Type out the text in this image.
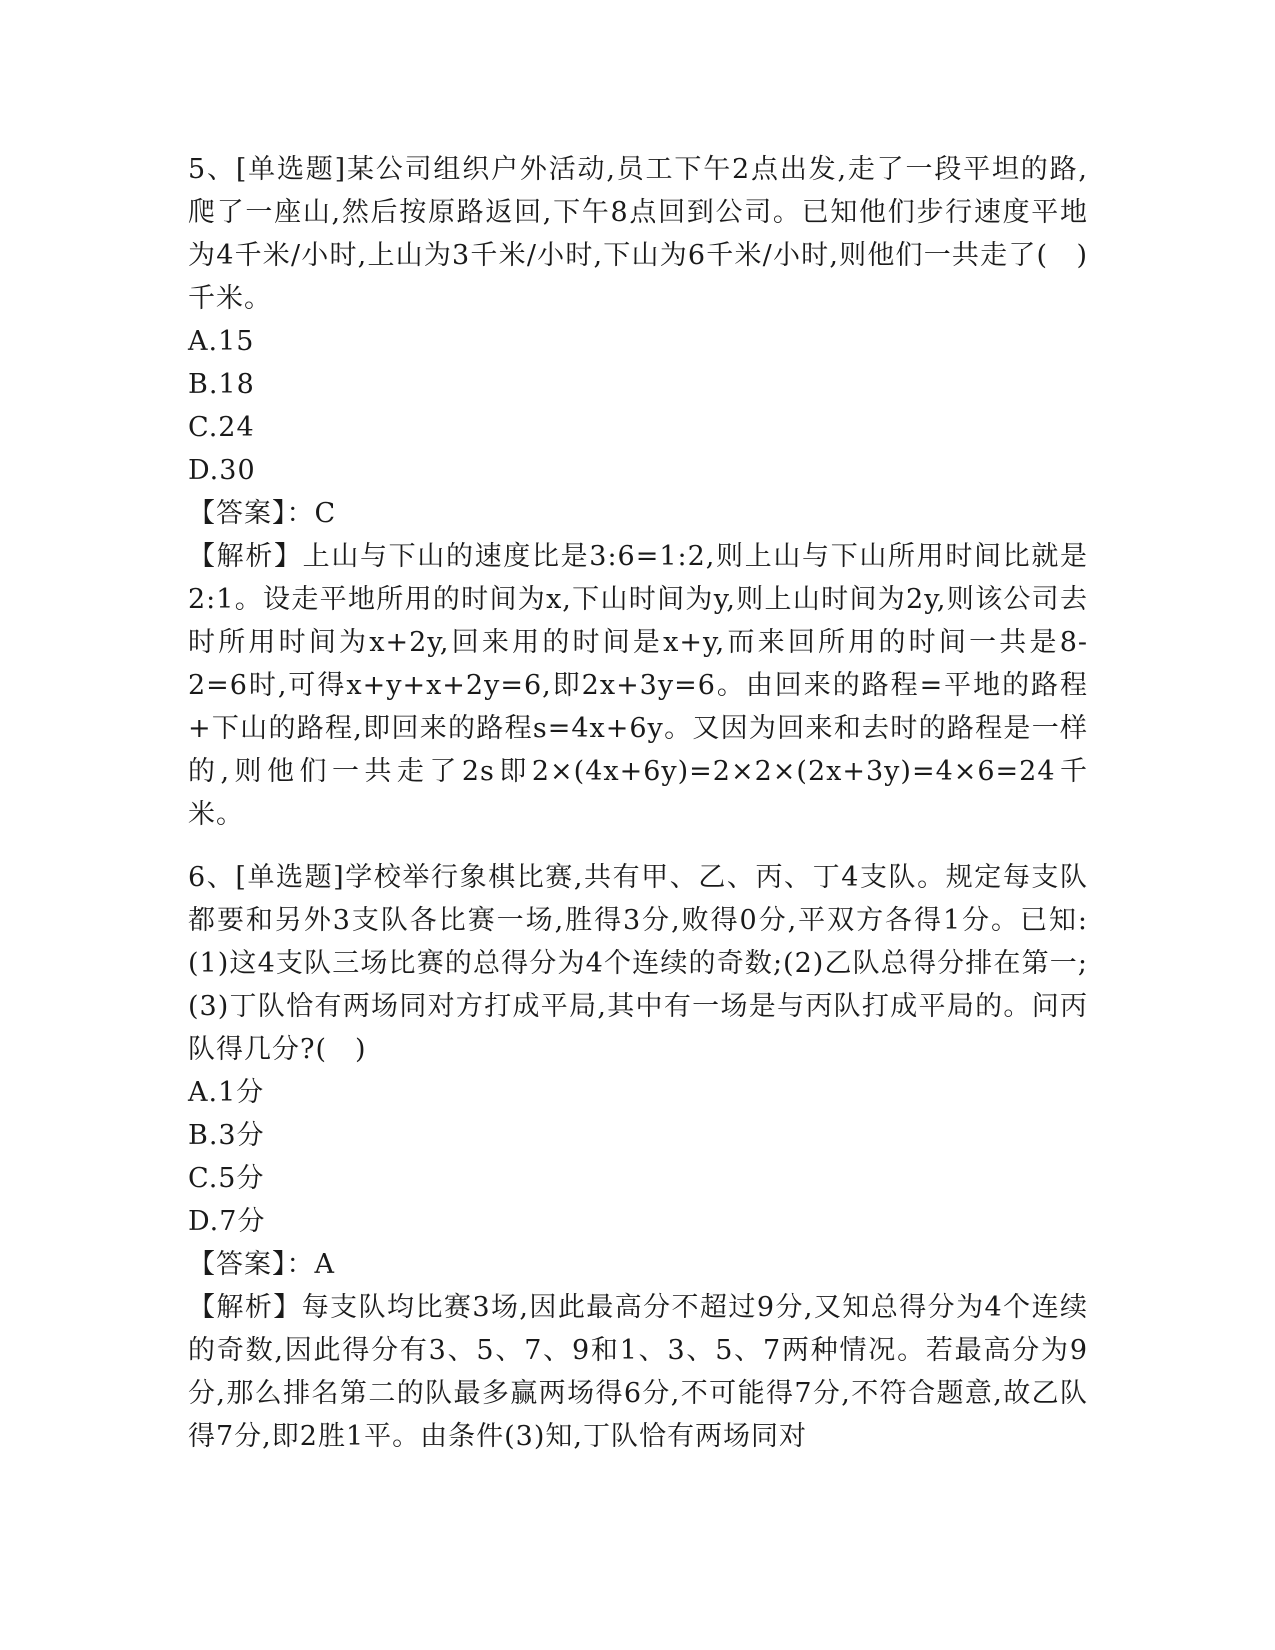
5、[单选题]某公司组织户外活动,员工下午2点出发,走了一段平坦的路,爬了一座山,然后按原路返回,下午8点回到公司。已知他们步行速度平地为4千米/小时,上山为3千米/小时,下山为6千米/小时,则他们一共走了(　)千米。

A.15

B.18

C.24

D.30

【答案】：C

【解析】上山与下山的速度比是3:6=1:2,则上山与下山所用时间比就是2:1。设走平地所用的时间为x,下山时间为y,则上山时间为2y,则该公司去时所用时间为x+2y,回来用的时间是x+y,而来回所用的时间一共是8-2=6时,可得x+y+x+2y=6,即2x+3y=6。由回来的路程=平地的路程+下山的路程,即回来的路程s=4x+6y。又因为回来和去时的路程是一样的,则他们一共走了2s即2×(4x+6y)=2×2×(2x+3y)=4×6=24千米。

6、[单选题]学校举行象棋比赛,共有甲、乙、丙、丁4支队。规定每支队都要和另外3支队各比赛一场,胜得3分,败得0分,平双方各得1分。已知:(1)这4支队三场比赛的总得分为4个连续的奇数;(2)乙队总得分排在第一;(3)丁队恰有两场同对方打成平局,其中有一场是与丙队打成平局的。问丙队得几分?(　)

A.1分

B.3分

C.5分

D.7分

【答案】：A

【解析】每支队均比赛3场,因此最高分不超过9分,又知总得分为4个连续的奇数,因此得分有3、5、7、9和1、3、5、7两种情况。若最高分为9分,那么排名第二的队最多赢两场得6分,不可能得7分,不符合题意,故乙队得7分,即2胜1平。由条件(3)知,丁队恰有两场同对
